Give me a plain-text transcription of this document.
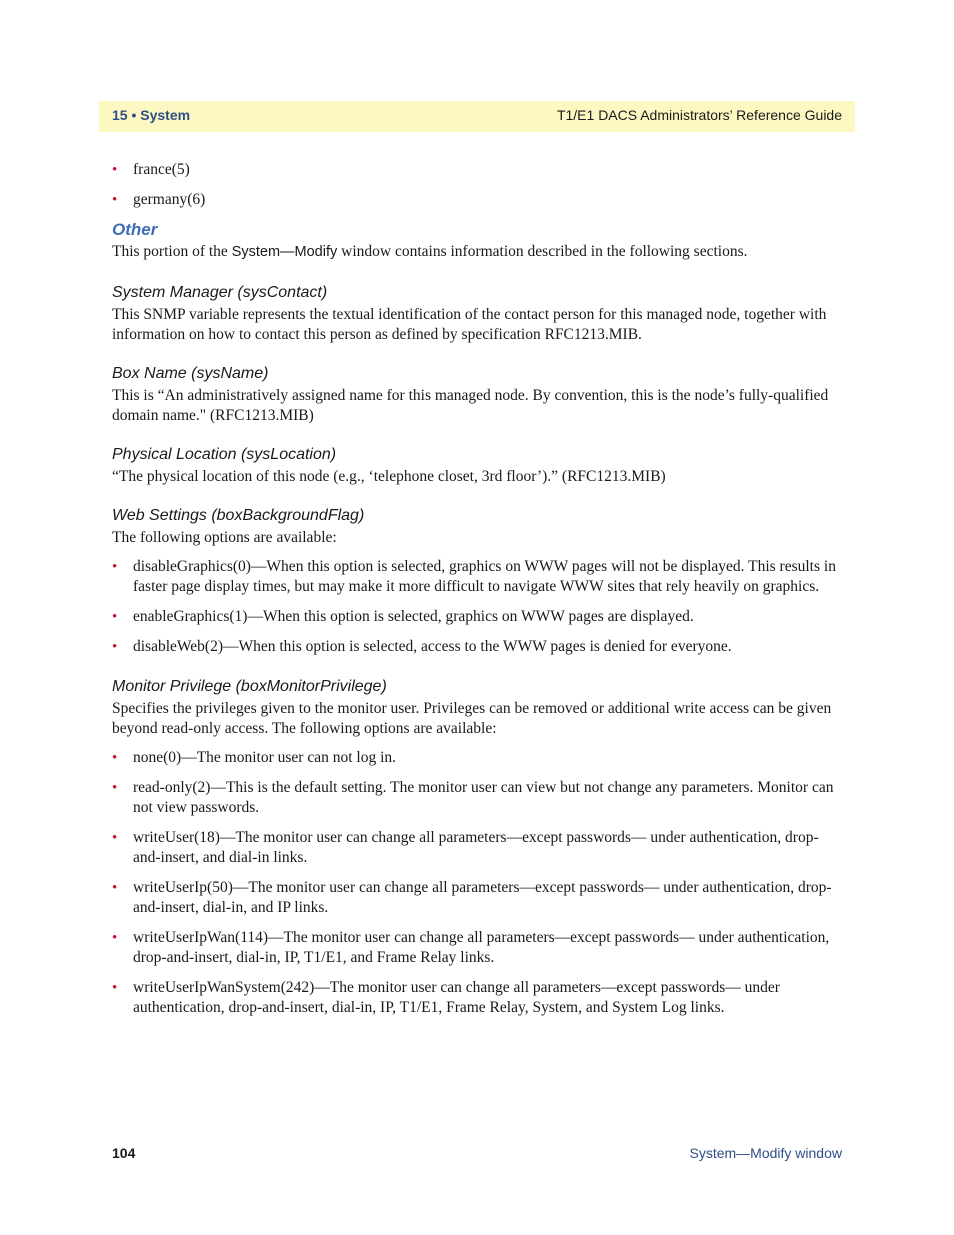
15 • System	T1/E1 DACS Administrators’ Reference Guide
• france(5)
• germany(6)
Other

This portion of the System—Modify window contains information described in the following sections.

System Manager (sysContact)

This SNMP variable represents the textual identification of the contact person for this managed node, together with information on how to contact this person as defined by specification RFC1213.MIB.

Box Name (sysName)

This is “An administratively assigned name for this managed node. By convention, this is the node’s fully-qualified domain name." (RFC1213.MIB)

Physical Location (sysLocation)

“The physical location of this node (e.g., ‘telephone closet, 3rd floor’).” (RFC1213.MIB)

Web Settings (boxBackgroundFlag)

The following options are available:

• disableGraphics(0)—When this option is selected, graphics on WWW pages will not be displayed. This results in faster page display times, but may make it more difficult to navigate WWW sites that rely heavily on graphics.
• enableGraphics(1)—When this option is selected, graphics on WWW pages are displayed.
• disableWeb(2)—When this option is selected, access to the WWW pages is denied for everyone.
Monitor Privilege (boxMonitorPrivilege)

Specifies the privileges given to the monitor user. Privileges can be removed or additional write access can be given beyond read-only access. The following options are available:

• none(0)—The monitor user can not log in.
• read-only(2)—This is the default setting. The monitor user can view but not change any parameters. Monitor can not view passwords.
• writeUser(18)—The monitor user can change all parameters—except passwords— under authentication, drop-and-insert, and dial-in links.
• writeUserIp(50)—The monitor user can change all parameters—except passwords— under authentication, drop-and-insert, dial-in, and IP links.
• writeUserIpWan(114)—The monitor user can change all parameters—except passwords— under authentication, drop-and-insert, dial-in, IP, T1/E1, and Frame Relay links.
• writeUserIpWanSystem(242)—The monitor user can change all parameters—except passwords— under authentication, drop-and-insert, dial-in, IP, T1/E1, Frame Relay, System, and System Log links.
104	System—Modify window
